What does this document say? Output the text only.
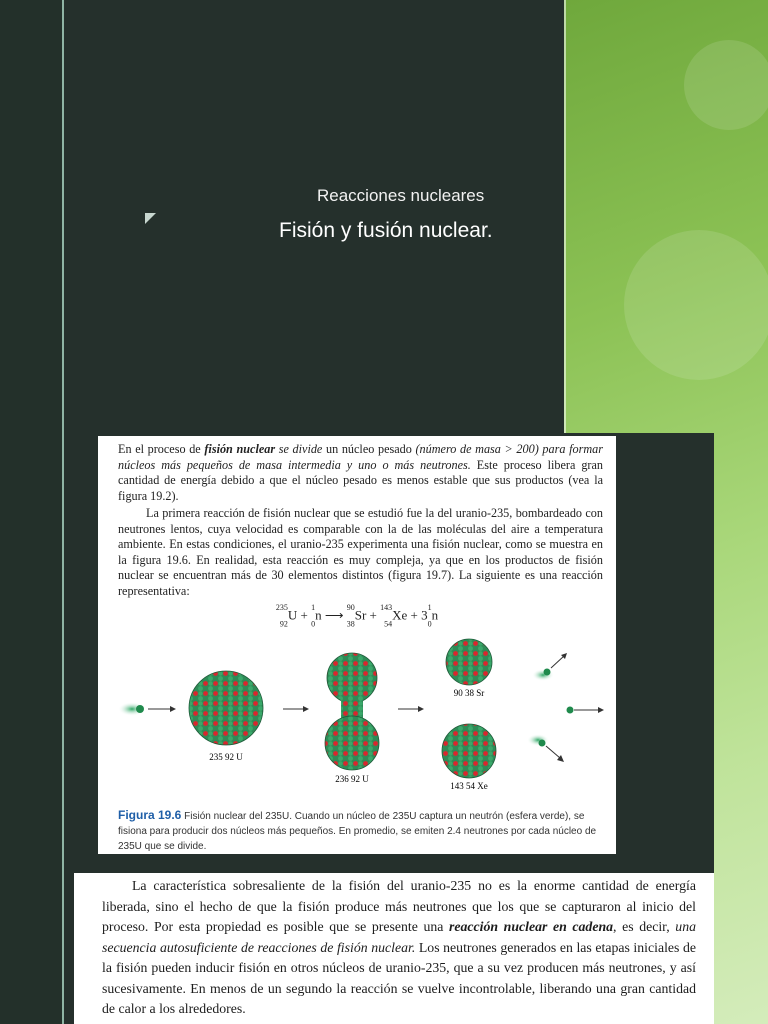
Reacciones nucleares
Fisión y fusión nuclear.

En el proceso de fisión nuclear se divide un núcleo pesado (número de masa > 200) para formar núcleos más pequeños de masa intermedia y uno o más neutrones. Este proceso libera gran cantidad de energía debido a que el núcleo pesado es menos estable que sus productos (vea la figura 19.2).

La primera reacción de fisión nuclear que se estudió fue la del uranio-235, bombardeado con neutrones lentos, cuya velocidad es comparable con la de las moléculas del aire a temperatura ambiente. En estas condiciones, el uranio-235 experimenta una fisión nuclear, como se muestra en la figura 19.6. En realidad, esta reacción es muy compleja, ya que en los productos de fisión nuclear se encuentran más de 30 elementos distintos (figura 19.7). La siguiente es una reacción representativa:

$^{235}$
$_{92}$U + $^1$
$_0$n ⟶ $^{90}$
$_{38}$Sr + $^{143}$
$_{54}Xe + 3^1$
$_0$n
235 92 U
236 92 U
90 38 Sr
143 54 Xe
Figura 19.6 Fisión nuclear del 235U. Cuando un núcleo de 235U captura un neutrón (esfera verde), se fisiona para producir dos núcleos más pequeños. En promedio, se emiten 2.4 neutrones por cada núcleo de 235U que se divide.

La característica sobresaliente de la fisión del uranio-235 no es la enorme cantidad de energía liberada, sino el hecho de que la fisión produce más neutrones que los que se capturaron al inicio del proceso. Por esta propiedad es posible que se presente una reacción nuclear en cadena, es decir, una secuencia autosuficiente de reacciones de fisión nuclear. Los neutrones generados en las etapas iniciales de la fisión pueden inducir fisión en otros núcleos de uranio-235, que a su vez producen más neutrones, y así sucesivamente. En menos de un segundo la reacción se vuelve incontrolable, liberando una gran cantidad de calor a los alrededores.
